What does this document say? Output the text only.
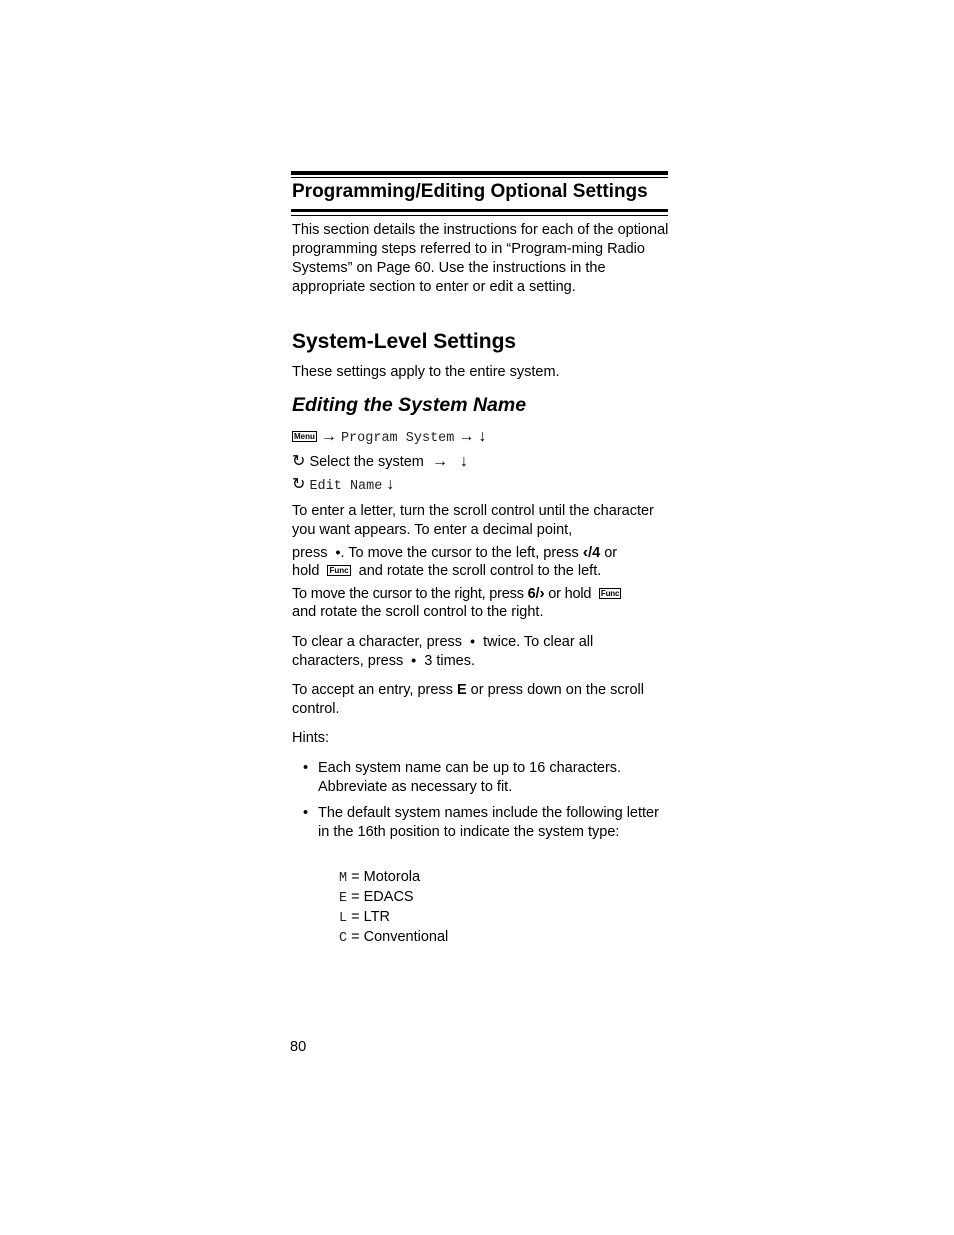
Programming/Editing Optional Settings

This section details the instructions for each of the optional programming steps referred to in “Program-ming Radio Systems” on Page 60. Use the instructions in the appropriate section to enter or edit a setting.

System-Level Settings

These settings apply to the entire system.

Editing the System Name
Menu → Program System → ↓
↻ Select the system → ↓
↻ Edit Name ↓

To enter a letter, turn the scroll control until the character you want appears. To enter a decimal point,

press •. To move the cursor to the left, press ‹/4 or

hold Func and rotate the scroll control to the left.

To move the cursor to the right, press 6/› or hold Func

and rotate the scroll control to the right.

To clear a character, press • twice. To clear all

characters, press • 3 times.

To accept an entry, press E or press down on the scroll control.

Hints:

• Each system name can be up to 16 characters. Abbreviate as necessary to fit.
• The default system names include the following letter in the 16th position to indicate the system type:
M = Motorola
E = EDACS
L = LTR
C = Conventional
80
